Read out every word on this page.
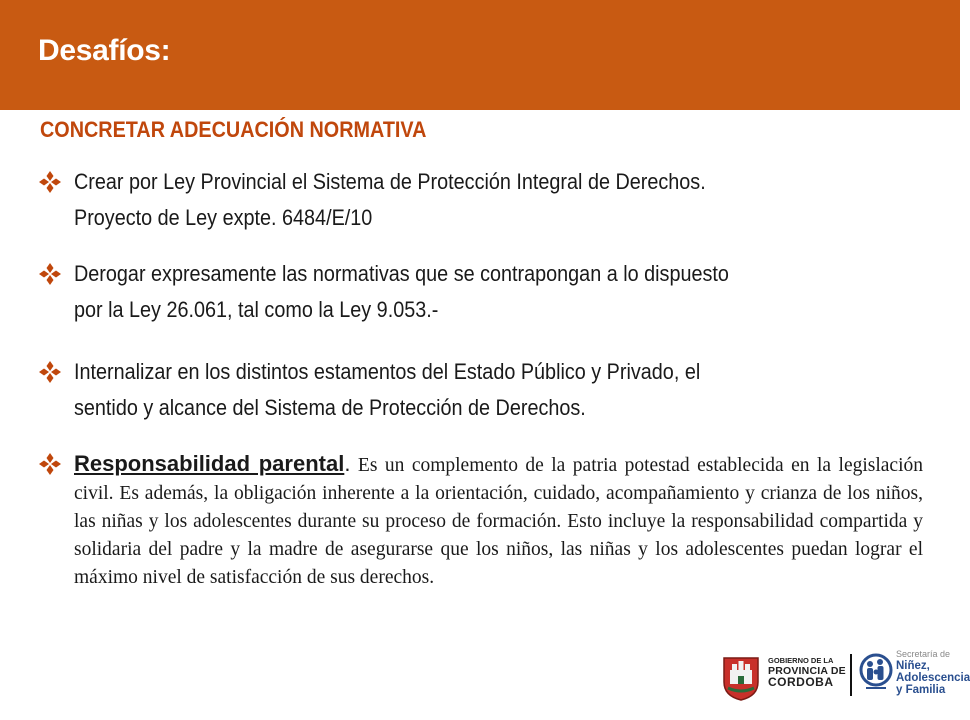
Desafíos:
CONCRETAR ADECUACIÓN NORMATIVA
Crear por Ley Provincial el Sistema de Protección Integral de Derechos.
Proyecto de Ley expte. 6484/E/10
Derogar expresamente las normativas que se contrapongan a lo dispuesto
por la Ley 26.061, tal como la Ley 9.053.-
Internalizar en los distintos estamentos del Estado Público y Privado, el
sentido y alcance del Sistema de Protección de Derechos.
Responsabilidad parental. Es un complemento de la patria potestad establecida en la legislación civil. Es además, la obligación inherente a la orientación, cuidado, acompañamiento y crianza de los niños, las niñas y los adolescentes durante su proceso de formación. Esto incluye la responsabilidad compartida y solidaria del padre y la madre de asegurarse que los niños, las niñas y los adolescentes puedan lograr el máximo nivel de satisfacción de sus derechos.
GOBIERNO DE LA
PROVINCIA DE
CORDOBA
Secretaría de
Niñez,
Adolescencia
y Familia
